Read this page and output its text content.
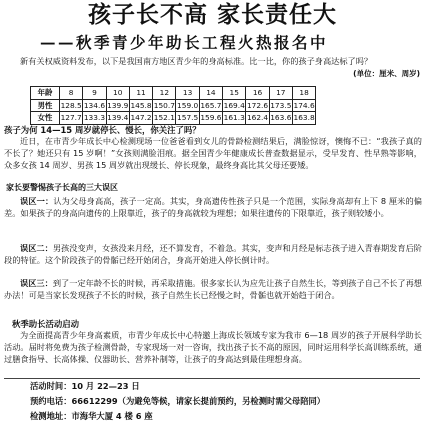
孩子长不高 家长责任大
——秋季青少年助长工程火热报名中
新有关权威资料发布，以下是我国南方地区青少年的身高标准。比一比，你的孩子身高达标了吗？
(单位：厘米、周岁)
年龄	8	9	10	11	12	13	14	15	16	17	18
男性	128.5	134.6	139.9	145.8	150.7	159.0	165.7	169.4	172.6	173.5	174.6
女性	127.7	133.3	139.4	147.2	152.1	157.5	159.6	161.3	162.4	163.6	163.8
孩子为何 14—15 周岁就停长、慢长，你关注了吗？
近日，在市青少年成长中心检测现场一位爸爸看到女儿的骨龄检测结果后，满脸惊讶，懊悔不已：“我孩子真的不长了？她还只有 15 岁啊！”女孩则满脸泪痕。据全国青少年健康成长普查数据显示，受早发育、性早熟等影响，众多女孩 14 周岁、男孩 15 周岁就出现缓长、停长现象，最终身高比其父母还要矮。
家长要警惕孩子长高的三大误区
误区一：认为父母身高高，孩子一定高。其实，身高遗传性孩子只是一个范围，实际身高却有上下 8 厘米的偏差。如果孩子的身高向遗传的上限靠近，孩子的身高就较为理想；如果往遗传的下限靠近，孩子则较矮小。
误区二：男孩没变声，女孩没来月经，还不算发育，不着急。其实，变声和月经是标志孩子进入青春期发育后阶段的特征。这个阶段孩子的骨骺已经开始闭合，身高开始进入停长倒计时。
误区三：到了一定年龄不长的时候，再采取措施。很多家长认为应先让孩子自然生长，等到孩子自己不长了再想办法！可是当家长发现孩子不长的时候，孩子自然生长已经慢之时，骨骺也就开始趋于闭合。
秋季助长活动启动
为全面提高青少年身高素质，市青少年成长中心特邀上海成长领域专家为我市 6—18 周岁的孩子开展科学助长活动。届时将免费为孩子检测骨龄，专家现场一对一咨询，找出孩子长不高的原因，同时运用科学长高训练系统，通过膳食指导、长高体操、仪器助长、营养补制等，让孩子的身高达到最佳理想身高。
活动时间：10 月 22—23 日
预约电话：66612299（为避免等候，请家长提前预约，另检测时需父母陪同）
检测地址：市海华大厦 4 楼 6 座
